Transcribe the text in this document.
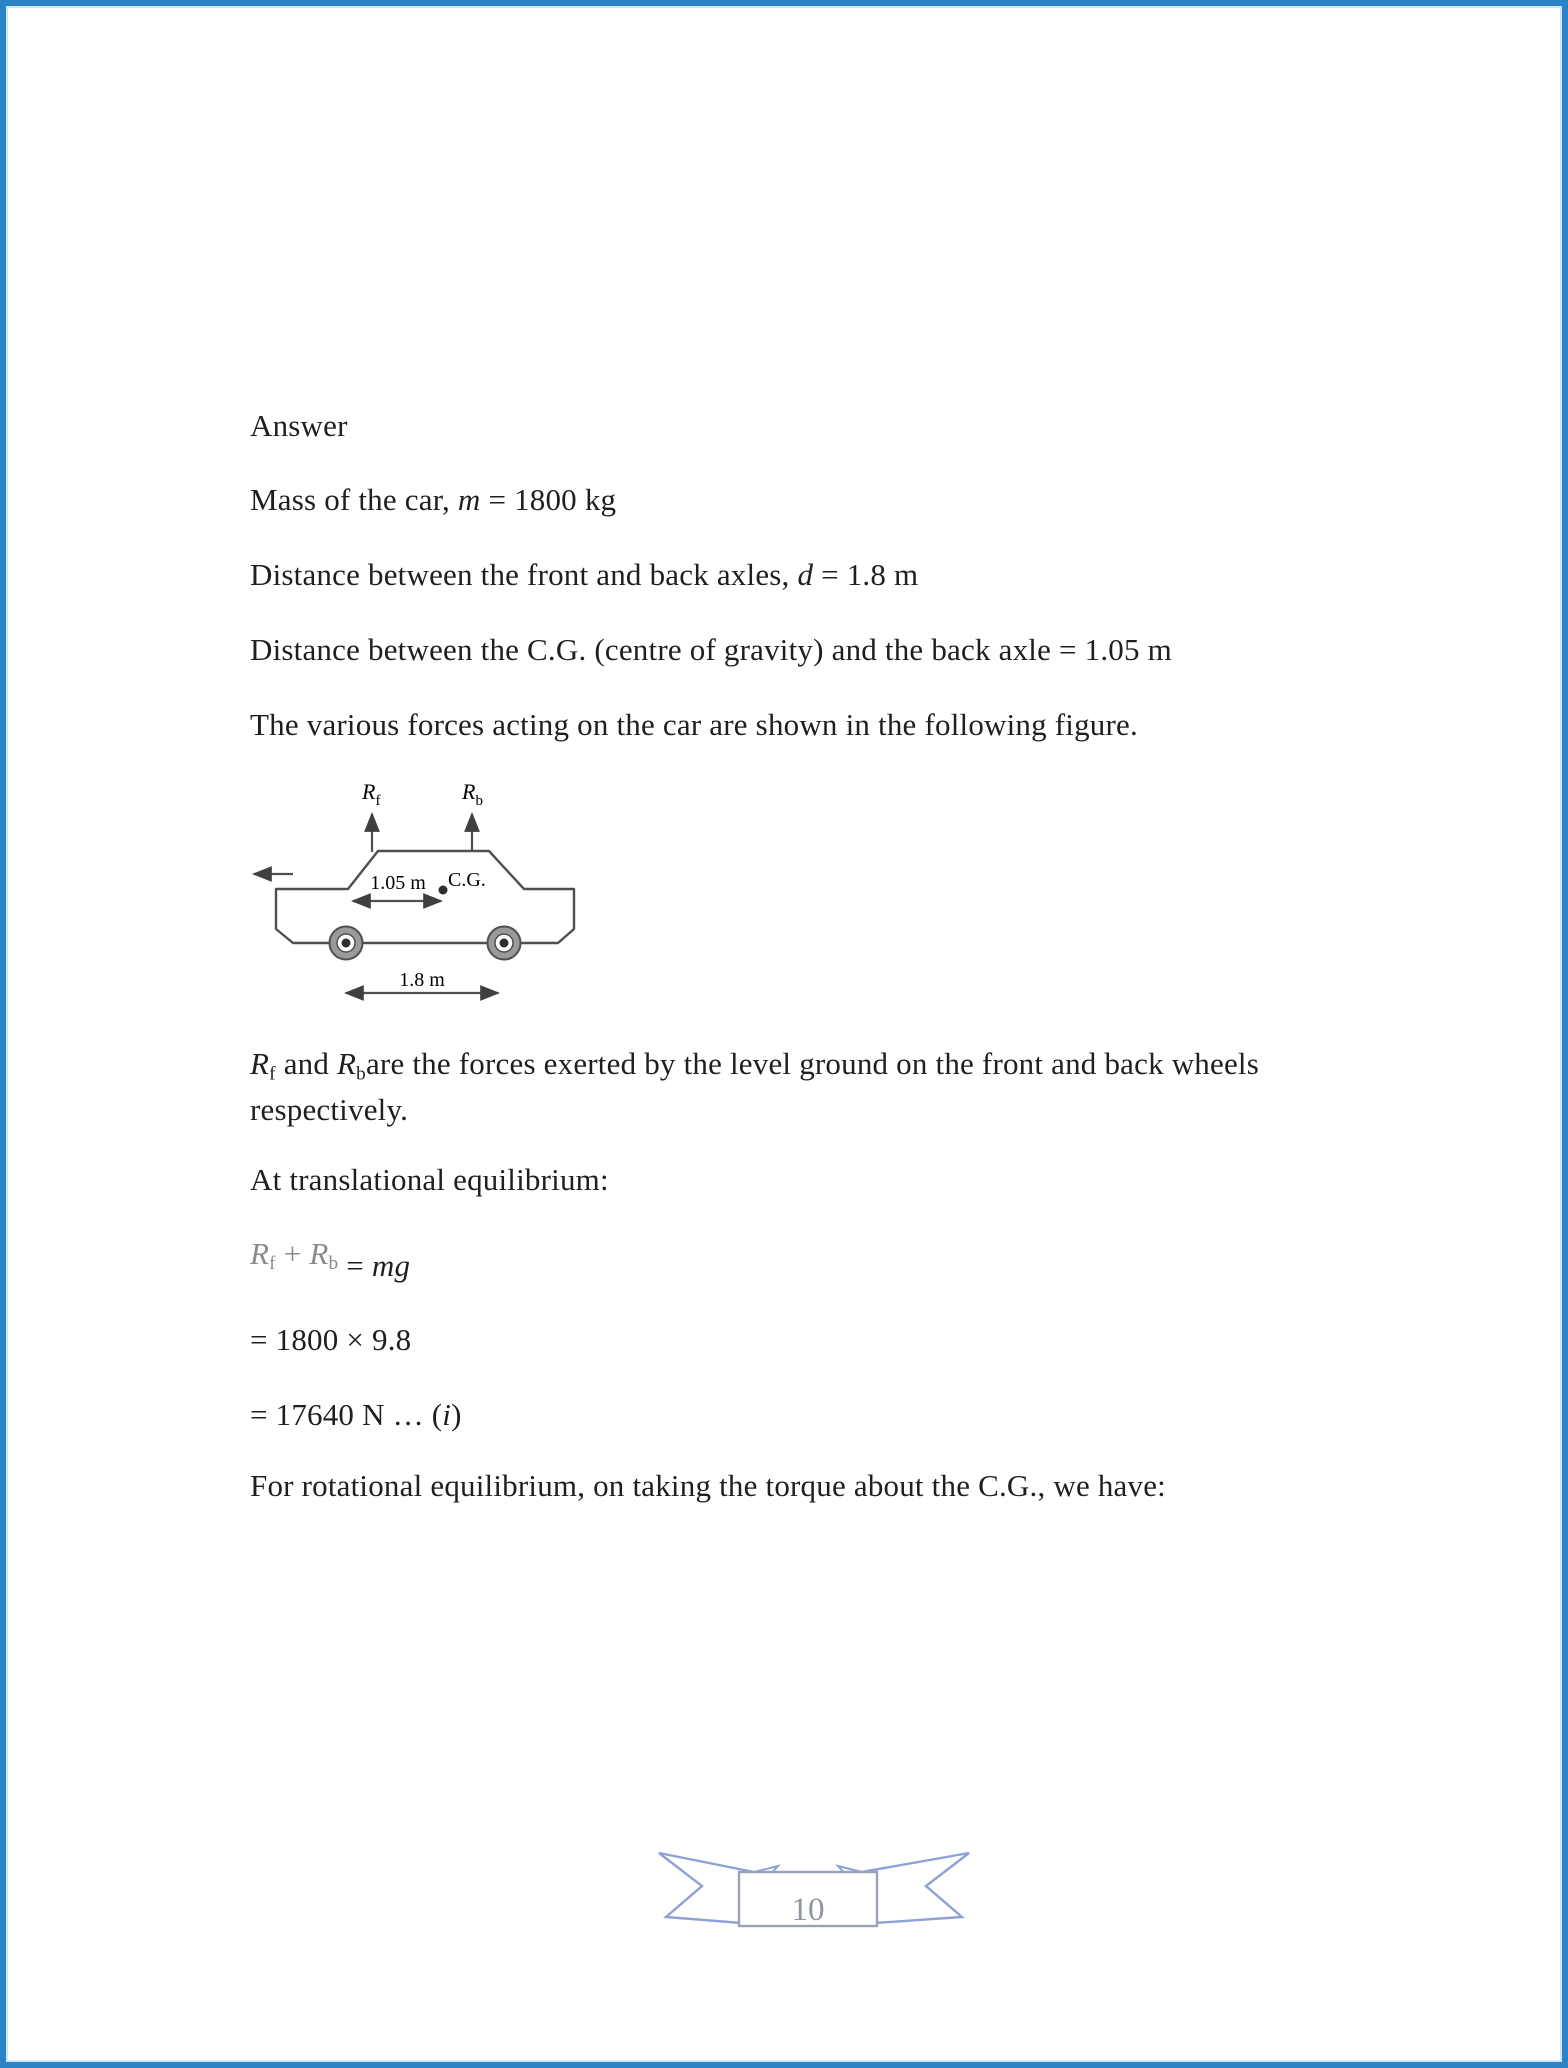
Answer

Mass of the car, m = 1800 kg

Distance between the front and back axles, d = 1.8 m

Distance between the C.G. (centre of gravity) and the back axle = 1.05 m

The various forces acting on the car are shown in the following figure.

$R_f$	$R_b$
1.05 m C.G.
1.8 m

$R_f$ and $R_bare$ the forces exerted by the level ground on the front and back wheels respectively.

At translational equilibrium:

$R^f + R^b$ = mg

= 1800 × 9.8

= 17640 N … (i)

For rotational equilibrium, on taking the torque about the C.G., we have:

10
